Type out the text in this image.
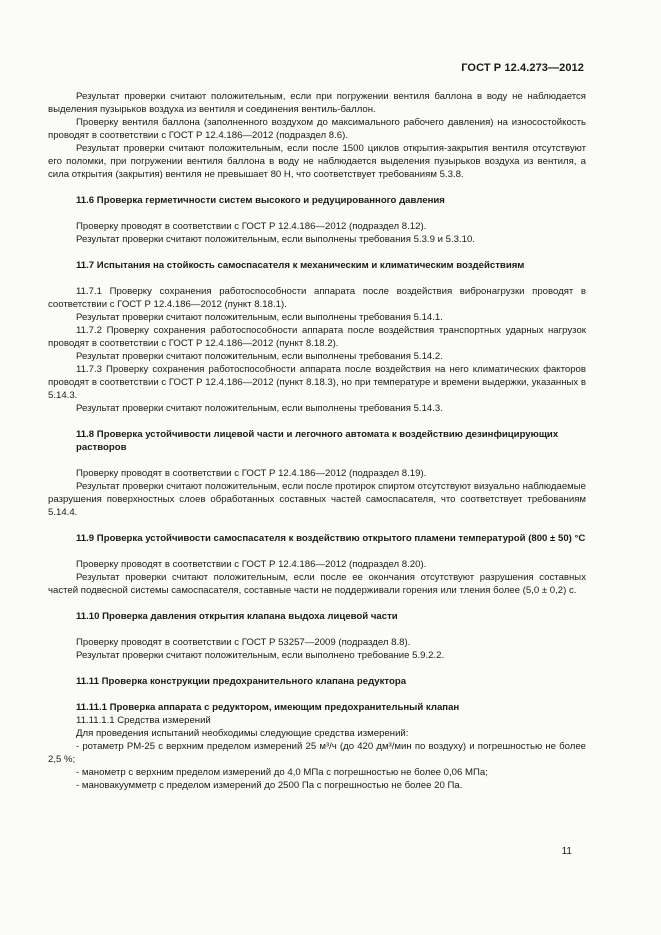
ГОСТ Р 12.4.273—2012

Результат проверки считают положительным, если при погружении вентиля баллона в воду не наблюдается выделения пузырьков воздуха из вентиля и соединения вентиль-баллон.

Проверку вентиля баллона (заполненного воздухом до максимального рабочего давления) на износостойкость проводят в соответствии с ГОСТ Р 12.4.186—2012 (подраздел 8.6).

Результат проверки считают положительным, если после 1500 циклов открытия-закрытия вентиля отсутствуют его поломки, при погружении вентиля баллона в воду не наблюдается выделения пузырьков воздуха из вентиля, а сила открытия (закрытия) вентиля не превышает 80 Н, что соответствует требованиям 5.3.8.

11.6 Проверка герметичности систем высокого и редуцированного давления

Проверку проводят в соответствии с ГОСТ Р 12.4.186—2012 (подраздел 8.12).

Результат проверки считают положительным, если выполнены требования 5.3.9 и 5.3.10.

11.7 Испытания на стойкость самоспасателя к механическим и климатическим воздействиям

11.7.1 Проверку сохранения работоспособности аппарата после воздействия вибронагрузки проводят в соответствии с ГОСТ Р 12.4.186—2012 (пункт 8.18.1).

Результат проверки считают положительным, если выполнены требования 5.14.1.

11.7.2 Проверку сохранения работоспособности аппарата после воздействия транспортных ударных нагрузок проводят в соответствии с ГОСТ Р 12.4.186—2012 (пункт 8.18.2).

Результат проверки считают положительным, если выполнены требования 5.14.2.

11.7.3 Проверку сохранения работоспособности аппарата после воздействия на него климатических факторов проводят в соответствии с ГОСТ Р 12.4.186—2012 (пункт 8.18.3), но при температуре и времени выдержки, указанных в 5.14.3.

Результат проверки считают положительным, если выполнены требования 5.14.3.

11.8 Проверка устойчивости лицевой части и легочного автомата к воздействию дезинфицирующих растворов

Проверку проводят в соответствии с ГОСТ Р 12.4.186—2012 (подраздел 8.19).

Результат проверки считают положительным, если после протирок спиртом отсутствуют визуально наблюдаемые разрушения поверхностных слоев обработанных составных частей самоспасателя, что соответствует требованиям 5.14.4.

11.9 Проверка устойчивости самоспасателя к воздействию открытого пламени температурой (800 ± 50) °С

Проверку проводят в соответствии с ГОСТ Р 12.4.186—2012 (подраздел 8.20).

Результат проверки считают положительным, если после ее окончания отсутствуют разрушения составных частей подвесной системы самоспасателя, составные части не поддерживали горения или тления более (5,0 ± 0,2) с.

11.10 Проверка давления открытия клапана выдоха лицевой части

Проверку проводят в соответствии с ГОСТ Р 53257—2009 (подраздел 8.8).

Результат проверки считают положительным, если выполнено требование 5.9.2.2.

11.11 Проверка конструкции предохранительного клапана редуктора

11.11.1 Проверка аппарата с редуктором, имеющим предохранительный клапан

11.11.1.1 Средства измерений

Для проведения испытаний необходимы следующие средства измерений:

- ротаметр РМ-25 с верхним пределом измерений 25 м³/ч (до 420 дм³/мин по воздуху) и погрешностью не более 2,5 %;

- манометр с верхним пределом измерений до 4,0 МПа с погрешностью не более 0,06 МПа;

- мановакуумметр с пределом измерений до 2500 Па с погрешностью не более 20 Па.

11
